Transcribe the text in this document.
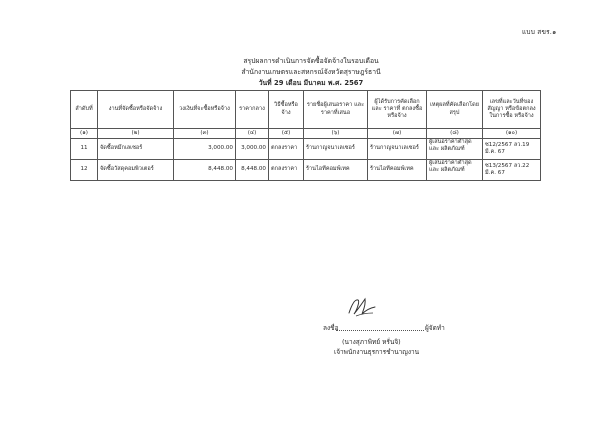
แบบ สขร.๑
สรุปผลการดำเนินการจัดซื้อจัดจ้างในรอบเดือน
สำนักงานเกษตรและสหกรณ์จังหวัดสุราษฎร์ธานี
วันที่ 29 เดือน มีนาคม พ.ศ. 2567
ลำดับที่	งานที่จัดซื้อหรือจัดจ้าง	วงเงินที่จะซื้อหรือจ้าง	ราคากลาง	วิธีซื้อหรือจ้าง	รายชื่อผู้เสนอราคา และราคาที่เสนอ	ผู้ได้รับการคัดเลือกและ ราคาที่ ตกลงซื้อหรือจ้าง	เหตุผลที่คัดเลือกโดย สรุป	เลขที่และวันที่ของสัญญา หรือข้อตกลงในการซื้อ หรือจ้าง
(๑)	(๒)	(๓)	(๔)	(๕)	(๖)	(๗)	(๘)	(๑๐)
11	จัดซื้อหมึกเลเซอร์	3,000.00	3,000.00	ตกลงราคา	ร้านกาญจนาเลเซอร์	ร้านกาญจนาเลเซอร์	ผู้เสนอราคาต่ำสุดและ ผลิตภัณฑ์	ซ12/2567 ลว.19 มี.ค. 67
12	จัดซื้อวัสดุคอมพิวเตอร์	8,448.00	8,448.00	ตกลงราคา	ร้านไอทีคอมพ์เทค	ร้านไอทีคอมพ์เทค	ผู้เสนอราคาต่ำสุดและ ผลิตภัณฑ์	ซ13/2567 ลว.22 มี.ค. 67
ลงชื่อ	ผู้จัดทำ
(นางสุภาพิทย์ หรั่นจิ)
เจ้าพนักงานธุรการชำนาญงาน
